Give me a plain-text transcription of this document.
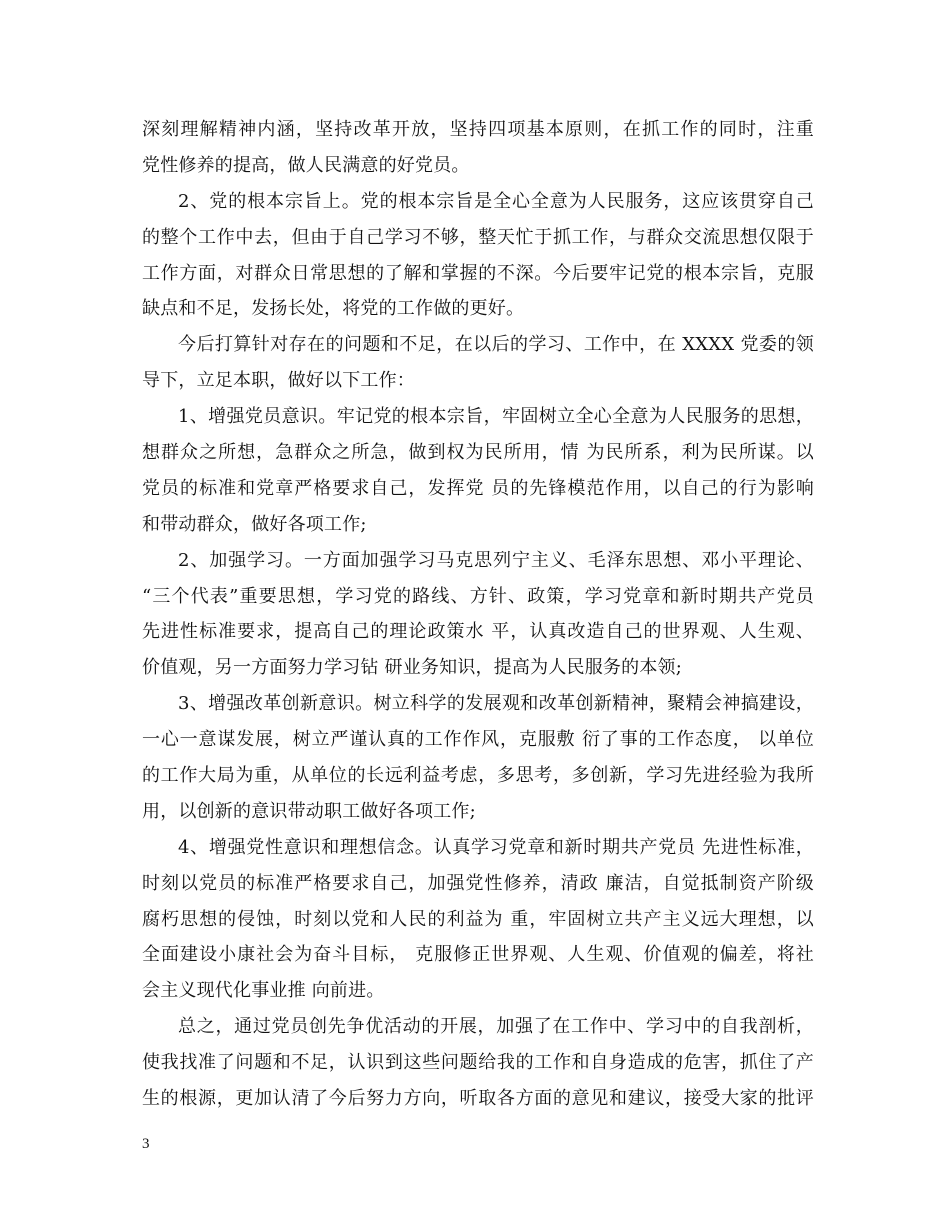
深刻理解精神内涵，坚持改革开放，坚持四项基本原则，在抓工作的同时，注重
党性修养的提高，做人民满意的好党员。
2、党的根本宗旨上。党的根本宗旨是全心全意为人民服务，这应该贯穿自己
的整个工作中去，但由于自己学习不够，整天忙于抓工作，与群众交流思想仅限于
工作方面，对群众日常思想的了解和掌握的不深。今后要牢记党的根本宗旨，克服
缺点和不足，发扬长处，将党的工作做的更好。
今后打算针对存在的问题和不足，在以后的学习、工作中，在 XXXX 党委的领
导下，立足本职，做好以下工作：
1、增强党员意识。牢记党的根本宗旨，牢固树立全心全意为人民服务的思想，
想群众之所想，急群众之所急，做到权为民所用，情 为民所系，利为民所谋。以
党员的标准和党章严格要求自己，发挥党 员的先锋模范作用，以自己的行为影响
和带动群众，做好各项工作;
2、加强学习。一方面加强学习马克思列宁主义、毛泽东思想、邓小平理论、
“三个代表”重要思想，学习党的路线、方针、政策，学习党章和新时期共产党员
先进性标准要求，提高自己的理论政策水 平，认真改造自己的世界观、人生观、
价值观，另一方面努力学习钻 研业务知识，提高为人民服务的本领;
3、增强改革创新意识。树立科学的发展观和改革创新精神，聚精会神搞建设，
一心一意谋发展，树立严谨认真的工作作风，克服敷 衍了事的工作态度， 以单位
的工作大局为重，从单位的长远利益考虑，多思考，多创新，学习先进经验为我所
用，以创新的意识带动职工做好各项工作;
4、增强党性意识和理想信念。认真学习党章和新时期共产党员 先进性标准，
时刻以党员的标准严格要求自己，加强党性修养，清政 廉洁，自觉抵制资产阶级
腐朽思想的侵蚀，时刻以党和人民的利益为 重，牢固树立共产主义远大理想，以
全面建设小康社会为奋斗目标， 克服修正世界观、人生观、价值观的偏差，将社
会主义现代化事业推 向前进。
总之，通过党员创先争优活动的开展，加强了在工作中、学习中的自我剖析，
使我找准了问题和不足，认识到这些问题给我的工作和自身造成的危害，抓住了产
生的根源，更加认清了今后努力方向，听取各方面的意见和建议，接受大家的批评
3
